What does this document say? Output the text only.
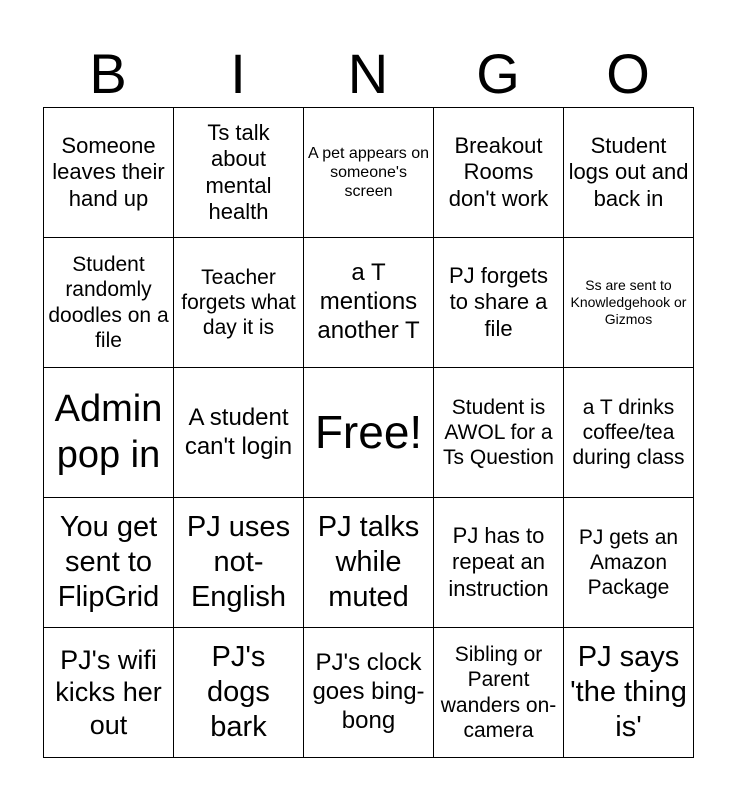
B	I	N	G	O
Someone leaves their hand up	Ts talk about mental health	A pet appears on someone's screen	Breakout Rooms don't work	Student logs out and back in
Student randomly doodles on a file	Teacher forgets what day it is	a T mentions another T	PJ forgets to share a file	Ss are sent to Knowledgehook or Gizmos
Admin pop in	A student can't login	Free!	Student is AWOL for a Ts Question	a T drinks coffee/tea during class
You get sent to FlipGrid	PJ uses not-English	PJ talks while muted	PJ has to repeat an instruction	PJ gets an Amazon Package
PJ's wifi kicks her out	PJ's dogs bark	PJ's clock goes bing-bong	Sibling or Parent wanders on-camera	PJ says 'the thing is'
